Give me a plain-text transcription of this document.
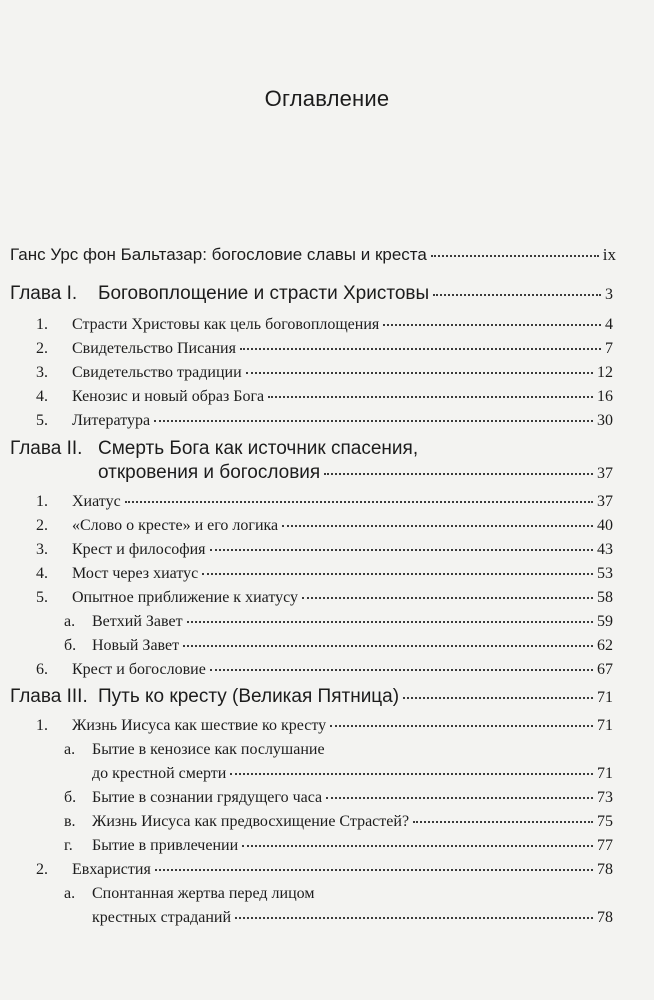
Оглавление
Ганс Урс фон Бальтазар: богословие славы и креста	ix
Глава I.	Боговоплощение и страсти Христовы	3
1.	Страсти Христовы как цель боговоплощения	4
2.	Свидетельство Писания	7
3.	Свидетельство традиции	12
4.	Кенозис и новый образ Бога	16
5.	Литература	30
Глава II. Смерть Бога как источник спасения,
откровения и богословия	37
1.	Хиатус	37
2.	«Слово о кресте» и его логика	40
3.	Крест и философия	43
4.	Мост через хиатус	53
5.	Опытное приближение к хиатусу	58
а.	Ветхий Завет	59
б. Новый Завет	62
6.	Крест и богословие	67
Глава III. Путь ко кресту (Великая Пятница)	71
1.	Жизнь Иисуса как шествие ко кресту	71
а.	Бытие в кенозисе как послушание
до крестной смерти	71
б. Бытие в сознании грядущего часа	73
в.	Жизнь Иисуса как предвосхищение Страстей?	75
г.	Бытие в привлечении	77
2.	Евхаристия	78
а.	Спонтанная жертва перед лицом
крестных страданий	78
